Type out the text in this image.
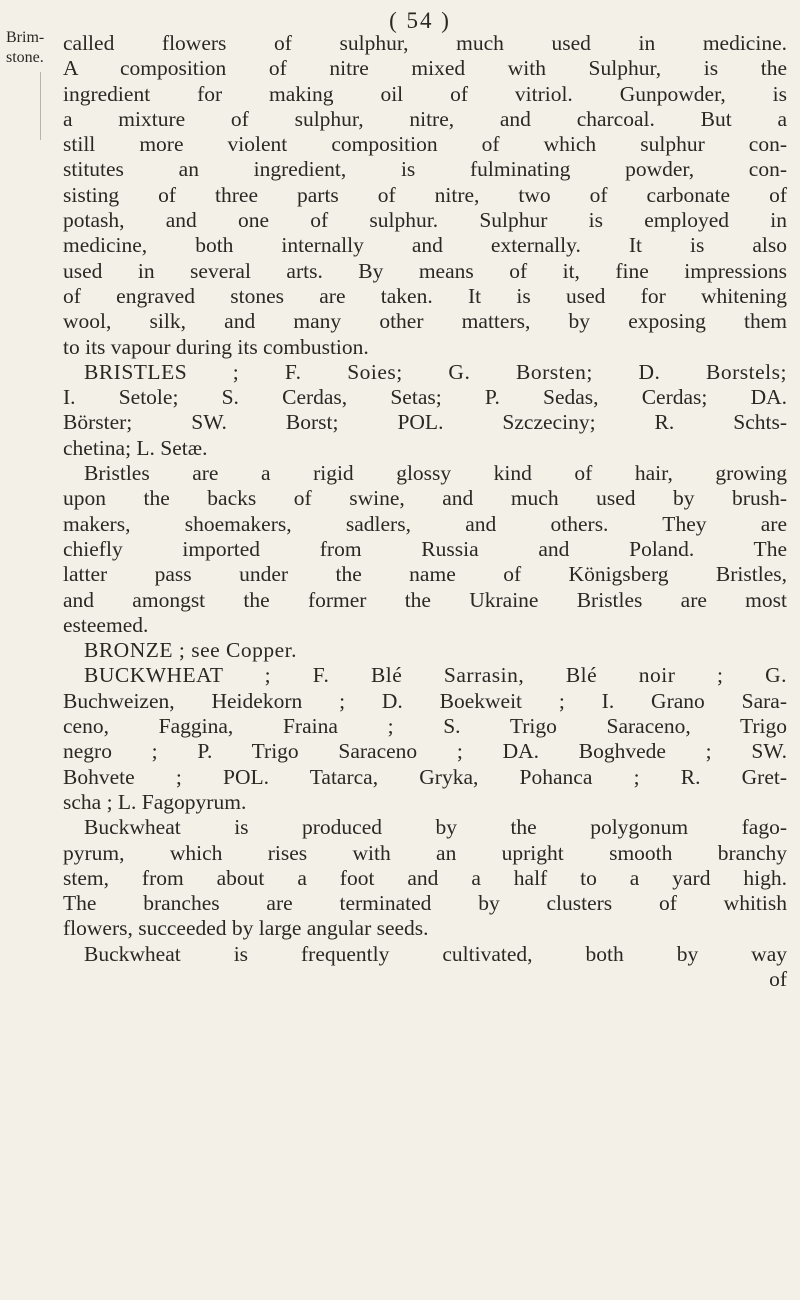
( 54 )
Brim-stone.
called flowers of sulphur, much used in medicine.
A composition of nitre mixed with Sulphur, is the
ingredient for making oil of vitriol. Gunpowder, is
a mixture of sulphur, nitre, and charcoal. But a
still more violent composition of which sulphur con-
stitutes an ingredient, is fulminating powder, con-
sisting of three parts of nitre, two of carbonate of
potash, and one of sulphur. Sulphur is employed in
medicine, both internally and externally. It is also
used in several arts. By means of it, fine impressions
of engraved stones are taken. It is used for whitening
wool, silk, and many other matters, by exposing them
to its vapour during its combustion.
BRISTLES ; F. Soies; G. Borsten; D. Borstels;
I. Setole; S. Cerdas, Setas; P. Sedas, Cerdas; DA.
Börster; SW. Borst; POL. Szczeciny; R. Schts-
chetina; L. Setæ.
Bristles are a rigid glossy kind of hair, growing
upon the backs of swine, and much used by brush-
makers, shoemakers, sadlers, and others. They are
chiefly imported from Russia and Poland. The
latter pass under the name of Königsberg Bristles,
and amongst the former the Ukraine Bristles are most
esteemed.
BRONZE ; see Copper.
BUCKWHEAT ; F. Blé Sarrasin, Blé noir ; G.
Buchweizen, Heidekorn ; D. Boekweit ; I. Grano Sara-
ceno, Faggina, Fraina ; S. Trigo Saraceno, Trigo
negro ; P. Trigo Saraceno ; DA. Boghvede ; SW.
Bohvete ; POL. Tatarca, Gryka, Pohanca ; R. Gret-
scha ; L. Fagopyrum.
Buckwheat is produced by the polygonum fago-
pyrum, which rises with an upright smooth branchy
stem, from about a foot and a half to a yard high.
The branches are terminated by clusters of whitish
flowers, succeeded by large angular seeds.
Buckwheat is frequently cultivated, both by way
of
